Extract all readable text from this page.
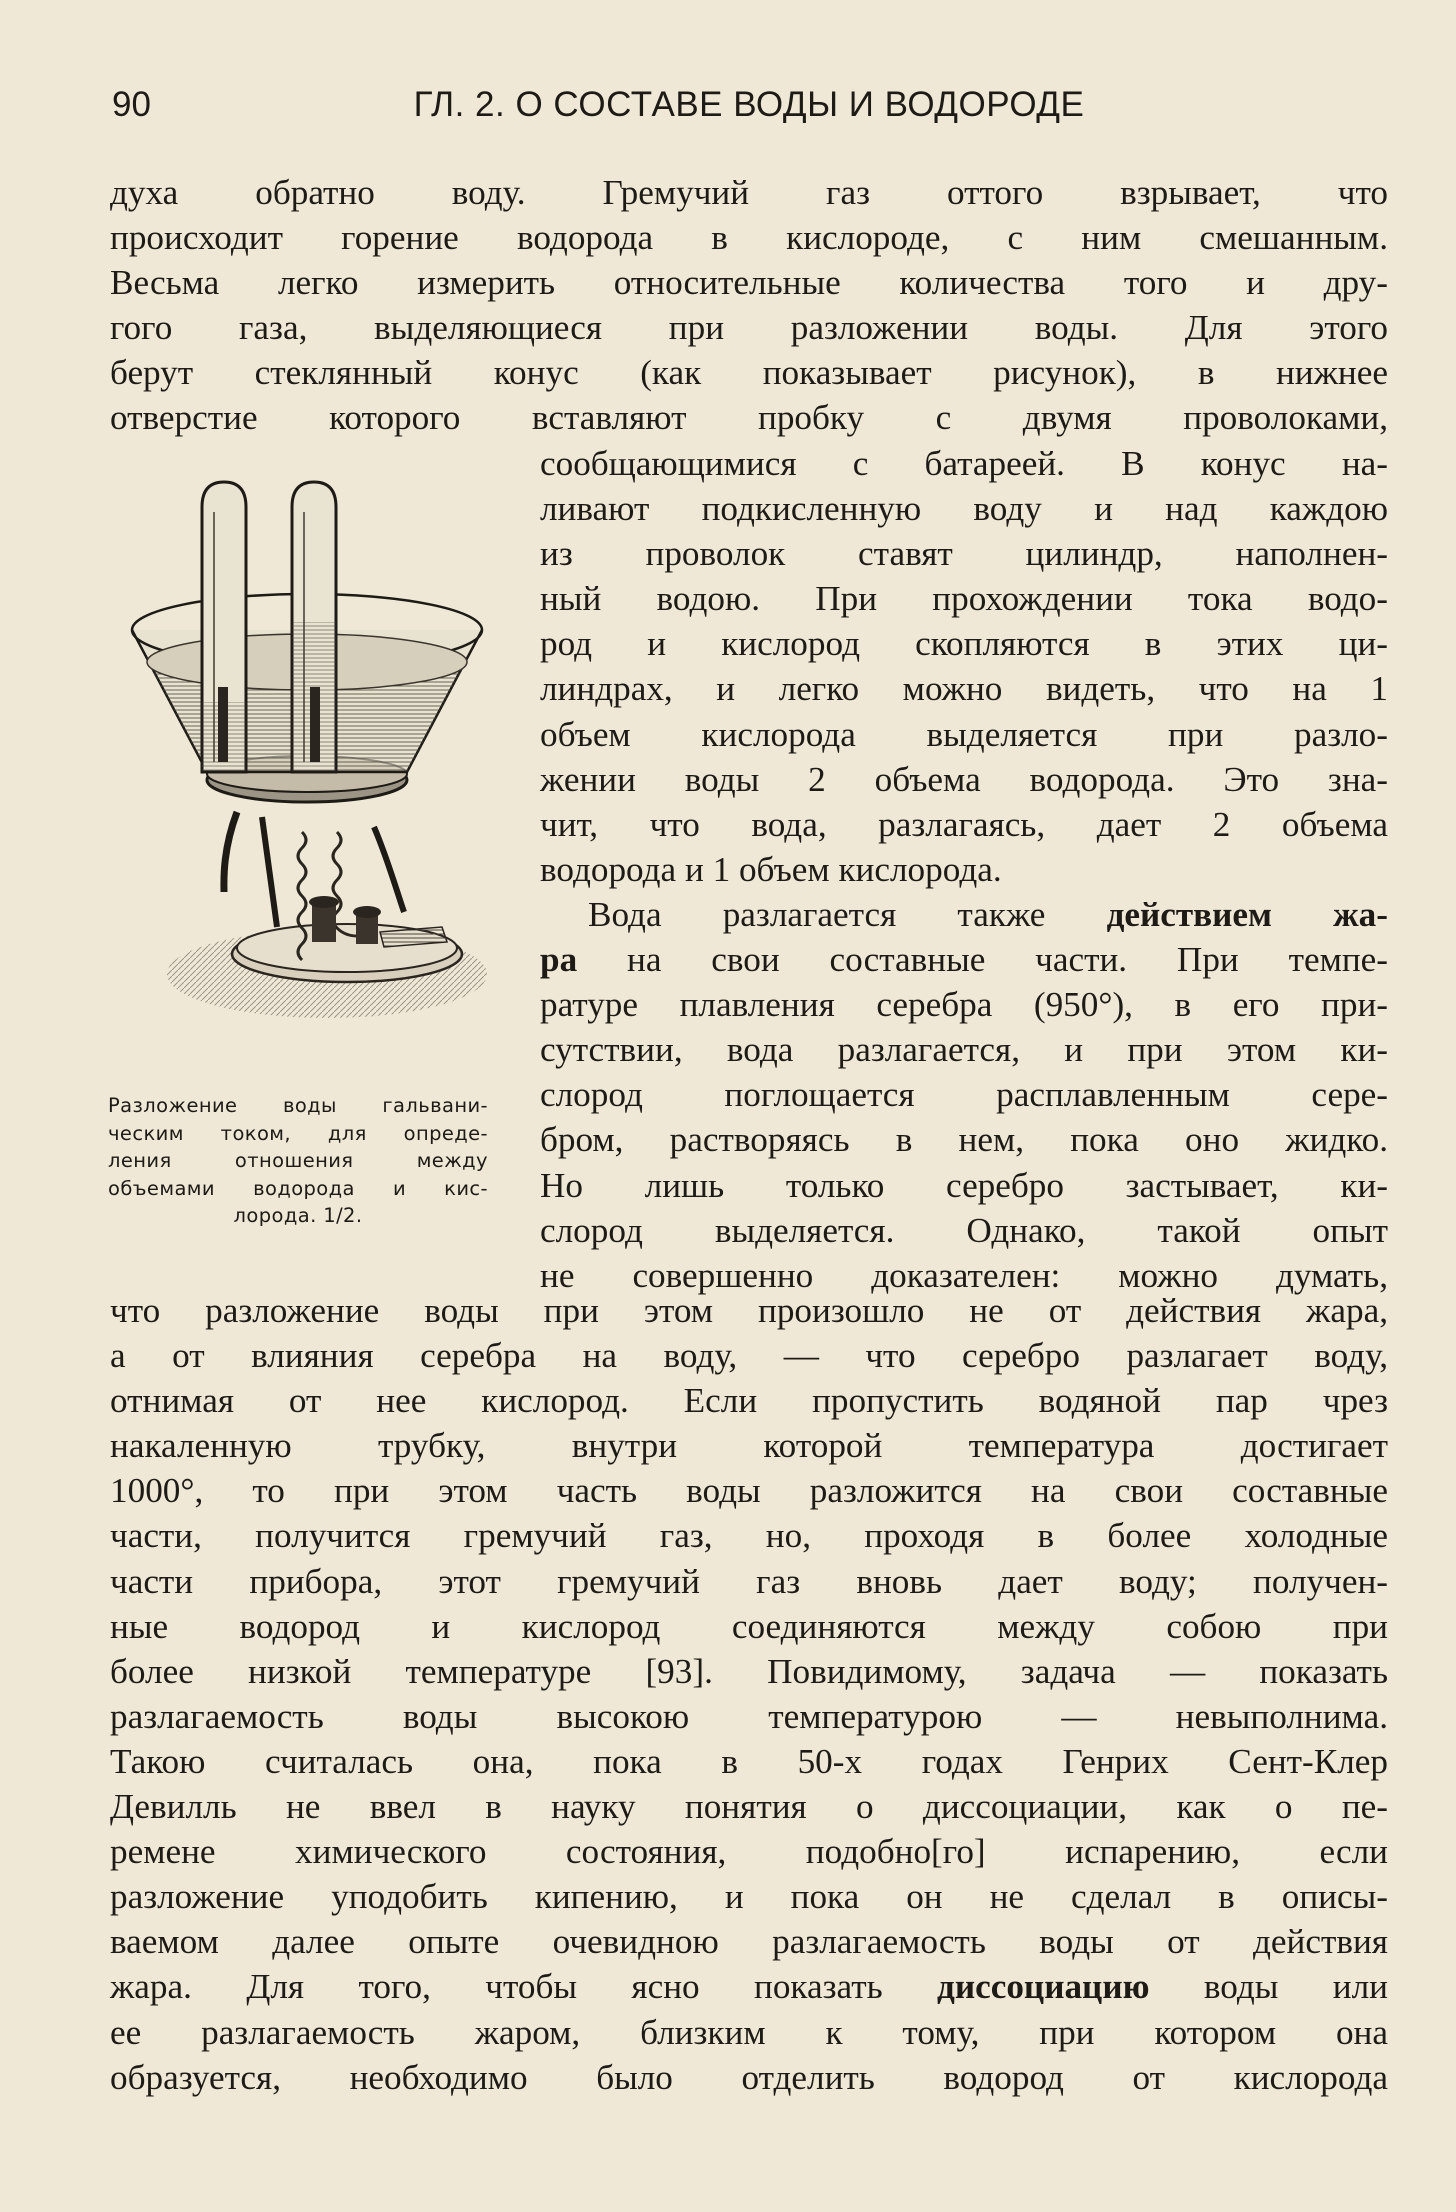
90	ГЛ. 2. О СОСТАВЕ ВОДЫ И ВОДОРОДЕ
духа обратно воду. Гремучий газ оттого взрывает, что
происходит горение водорода в кислороде, с ним смешанным.
Весьма легко измерить относительные количества того и дру-
гого газа, выделяющиеся при разложении воды. Для этого
берут стеклянный конус (как показывает рисунок), в нижнее
отверстие которого вставляют пробку с двумя проволоками,
сообщающимися с батареей. В конус на-
ливают подкисленную воду и над каждою
из проволок ставят цилиндр, наполнен-
ный водою. При прохождении тока водо-
род и кислород скопляются в этих ци-
линдрах, и легко можно видеть, что на 1
объем кислорода выделяется при разло-
жении воды 2 объема водорода. Это зна-
чит, что вода, разлагаясь, дает 2 объема
водорода и 1 объем кислорода.
Вода разлагается также действием жа-
ра на свои составные части. При темпе-
ратуре плавления серебра (950°), в его при-
сутствии, вода разлагается, и при этом ки-
слород поглощается расплавленным сере-
бром, растворяясь в нем, пока оно жидко.
Но лишь только серебро застывает, ки-
слород выделяется. Однако, такой опыт
не совершенно доказателен: можно думать,
Разложение воды гальвани-
ческим током, для опреде-
ления отношения между
объемами водорода и кис-
лорода. 1/2.
что разложение воды при этом произошло не от действия жара,
а от влияния серебра на воду, — что серебро разлагает воду,
отнимая от нее кислород. Если пропустить водяной пар чрез
накаленную трубку, внутри которой температура достигает
1000°, то при этом часть воды разложится на свои составные
части, получится гремучий газ, но, проходя в более холодные
части прибора, этот гремучий газ вновь дает воду; получен-
ные водород и кислород соединяются между собою при
более низкой температуре [93]. Повидимому, задача — показать
разлагаемость воды высокою температурою — невыполнима.
Такою считалась она, пока в 50-х годах Генрих Сент-Клер
Девилль не ввел в науку понятия о диссоциации, как о пе-
ремене химического состояния, подобно[го] испарению, если
разложение уподобить кипению, и пока он не сделал в описы-
ваемом далее опыте очевидною разлагаемость воды от действия
жара. Для того, чтобы ясно показать диссоциацию воды или
ее разлагаемость жаром, близким к тому, при котором она
образуется, необходимо было отделить водород от кислорода
